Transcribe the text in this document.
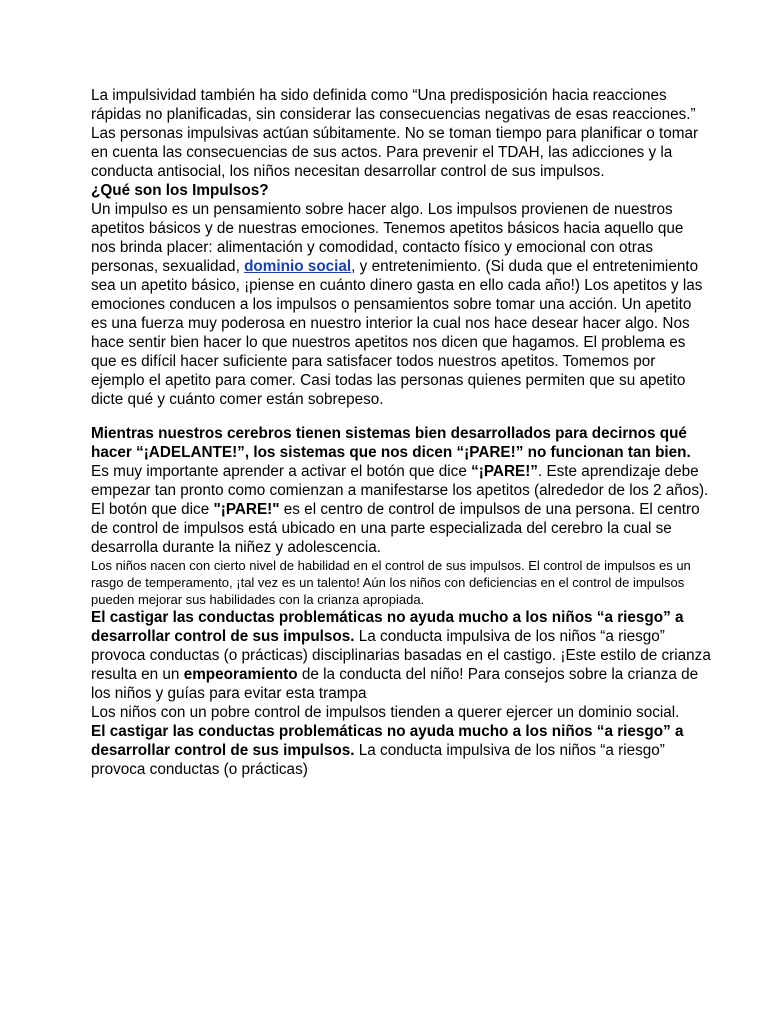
La impulsividad también ha sido definida como “Una predisposición hacia reacciones rápidas no planificadas, sin considerar las consecuencias negativas de esas reacciones.” Las personas impulsivas actúan súbitamente. No se toman tiempo para planificar o tomar en cuenta las consecuencias de sus actos. Para prevenir el TDAH, las adicciones y la conducta antisocial, los niños necesitan desarrollar control de sus impulsos.

¿Qué son los Impulsos?

Un impulso es un pensamiento sobre hacer algo. Los impulsos provienen de nuestros apetitos básicos y de nuestras emociones. Tenemos apetitos básicos hacia aquello que nos brinda placer: alimentación y comodidad, contacto físico y emocional con otras personas, sexualidad, dominio social, y entretenimiento. (Si duda que el entretenimiento sea un apetito básico, ¡piense en cuánto dinero gasta en ello cada año!) Los apetitos y las emociones conducen a los impulsos o pensamientos sobre tomar una acción. Un apetito es una fuerza muy poderosa en nuestro interior la cual nos hace desear hacer algo. Nos hace sentir bien hacer lo que nuestros apetitos nos dicen que hagamos. El problema es que es difícil hacer suficiente para satisfacer todos nuestros apetitos. Tomemos por ejemplo el apetito para comer. Casi todas las personas quienes permiten que su apetito dicte qué y cuánto comer están sobrepeso.

Mientras nuestros cerebros tienen sistemas bien desarrollados para decirnos qué hacer “¡ADELANTE!”, los sistemas que nos dicen “¡PARE!” no funcionan tan bien.

Es muy importante aprender a activar el botón que dice “¡PARE!”. Este aprendizaje debe empezar tan pronto como comienzan a manifestarse los apetitos (alrededor de los 2 años). El botón que dice "¡PARE!" es el centro de control de impulsos de una persona. El centro de control de impulsos está ubicado en una parte especializada del cerebro la cual se desarrolla durante la niñez y adolescencia.

Los niños nacen con cierto nivel de habilidad en el control de sus impulsos. El control de impulsos es un rasgo de temperamento, ¡tal vez es un talento! Aún los niños con deficiencias en el control de impulsos pueden mejorar sus habilidades con la crianza apropiada.

El castigar las conductas problemáticas no ayuda mucho a los niños “a riesgo” a desarrollar control de sus impulsos. La conducta impulsiva de los niños “a riesgo” provoca conductas (o prácticas) disciplinarias basadas en el castigo. ¡Este estilo de crianza resulta en un empeoramiento de la conducta del niño! Para consejos sobre la crianza de los niños y guías para evitar esta trampa

Los niños con un pobre control de impulsos tienden a querer ejercer un dominio social.

El castigar las conductas problemáticas no ayuda mucho a los niños “a riesgo” a desarrollar control de sus impulsos. La conducta impulsiva de los niños “a riesgo” provoca conductas (o prácticas)
